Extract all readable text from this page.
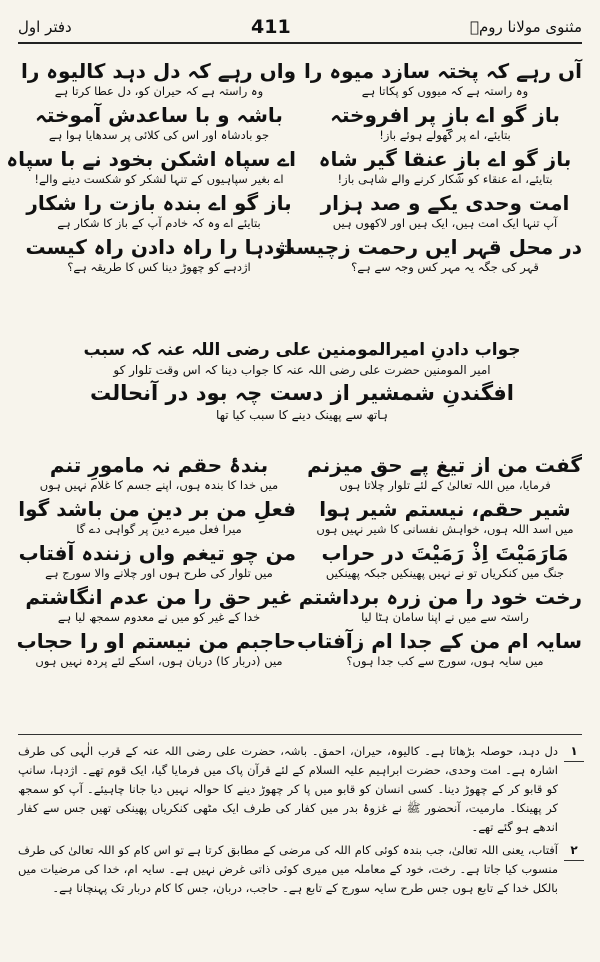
دفتر اول	411	مثنوی مولانا رومؒ
آں رہے کہ پختہ سازد میوہ را
وہ راستہ ہے کہ میووں کو پکاتا ہے
باز گو اے بازِ پر افروختہ
بتایئے، اے پر کھولے ہوئے باز!
باز گو اے بازِ عنقا گیر شاہ
بتایئے، اے عنقاء کو شکار کرنے والے شاہی باز!
امت وحدی یکے و صد ہزار
آپ تنہا ایک امت ہیں، ایک ہیں اور لاکھوں ہیں
در محل قہر ایں رحمت زچیست
قہر کی جگہ یہ مہر کس وجہ سے ہے؟
واں رہے کہ دل دہد کالیوہ را
وہ راستہ ہے کہ حیران کو، دل عطا کرتا ہے
باشہ و با ساعدش آموختہ
جو بادشاہ اور اس کی کلائی پر سدھایا ہوا ہے
اے سپاہ اشکن بخود نے با سپاہ
اے بغیر سپاہیوں کے تنہا لشکر کو شکست دینے والے!
باز گو اے بندہ بازت را شکار
بتایئے اے وہ کہ خادم آپ کے باز کا شکار ہے
اژدہا را راہ دادن راہ کیست
اژدہے کو چھوڑ دینا کس کا طریقہ ہے؟
جواب دادنِ امیرالمومنین علی رضی اللہ عنہ کہ سبب
امیر المومنین حضرت علی رضی اللہ عنہ کا جواب دینا کہ اس وقت تلوار کو
افگندنِ شمشیر از دست چہ بود در آنحالت
ہاتھ سے پھینک دینے کا سبب کیا تھا
گفت من از تیغ پے حق میزنم
فرمایا، میں اللہ تعالیٰ کے لئے تلوار چلاتا ہوں
شیر حقم، نیستم شیر ہوا
میں اسد اللہ ہوں، خواہش نفسانی کا شیر نہیں ہوں
مَارَمَیْتَ اِذْ رَمَیْتَ در حراب
جنگ میں کنکریاں تو نے نہیں پھینکیں جبکہ پھینکیں
رخت خود را من زرہ برداشتم
راستہ سے میں نے اپنا سامان ہٹا لیا
سایہ ام من کے جدا ام زآفتاب
میں سایہ ہوں، سورج سے کب جدا ہوں؟
بندۂ حقم نہ مامورِ تنم
میں خدا کا بندہ ہوں، اپنے جسم کا غلام نہیں ہوں
فعلِ من بر دینِ من باشد گوا
میرا فعل میرے دین پر گواہی دے گا
من چو تیغم واں زنندہ آفتاب
میں تلوار کی طرح ہوں اور چلانے والا سورج ہے
غیر حق را من عدم انگاشتم
خدا کے غیر کو میں نے معدوم سمجھ لیا ہے
حاجبم من نیستم او را حجاب
میں (دربار کا) دربان ہوں، اسکے لئے پردہ نہیں ہوں
۱
دل دہد، حوصلہ بڑھاتا ہے۔ کالیوہ، حیران، احمق۔ باشہ، حضرت علی رضی اللہ عنہ کے قرب الٰہی کی طرف اشارہ ہے۔ امت وحدی، حضرت ابراہیم علیہ السلام کے لئے قرآن پاک میں فرمایا گیا، ایک قوم تھے۔ اژدہا، سانپ کو قابو کر کے چھوڑ دینا۔ کسی انسان کو قابو میں پا کر چھوڑ دینے کا حوالہ نہیں دیا جانا چاہیئے۔ آپ کو سمجھ کر پھینکا۔ مارمیت، آنحضور ﷺ نے غزوۂ بدر میں کفار کی طرف ایک مٹھی کنکریاں پھینکی تھیں جس سے کفار اندھے ہو گئے تھے۔
۲
آفتاب، یعنی اللہ تعالیٰ، جب بندہ کوئی کام اللہ کی مرضی کے مطابق کرتا ہے تو اس کام کو اللہ تعالیٰ کی طرف منسوب کیا جاتا ہے۔ رخت، خود کے معاملہ میں میری کوئی ذاتی غرض نہیں ہے۔ سایہ ام، خدا کی مرضیات میں بالکل خدا کے تابع ہوں جس طرح سایہ سورج کے تابع ہے۔ حاجب، دربان، جس کا کام دربار تک پہنچانا ہے۔
